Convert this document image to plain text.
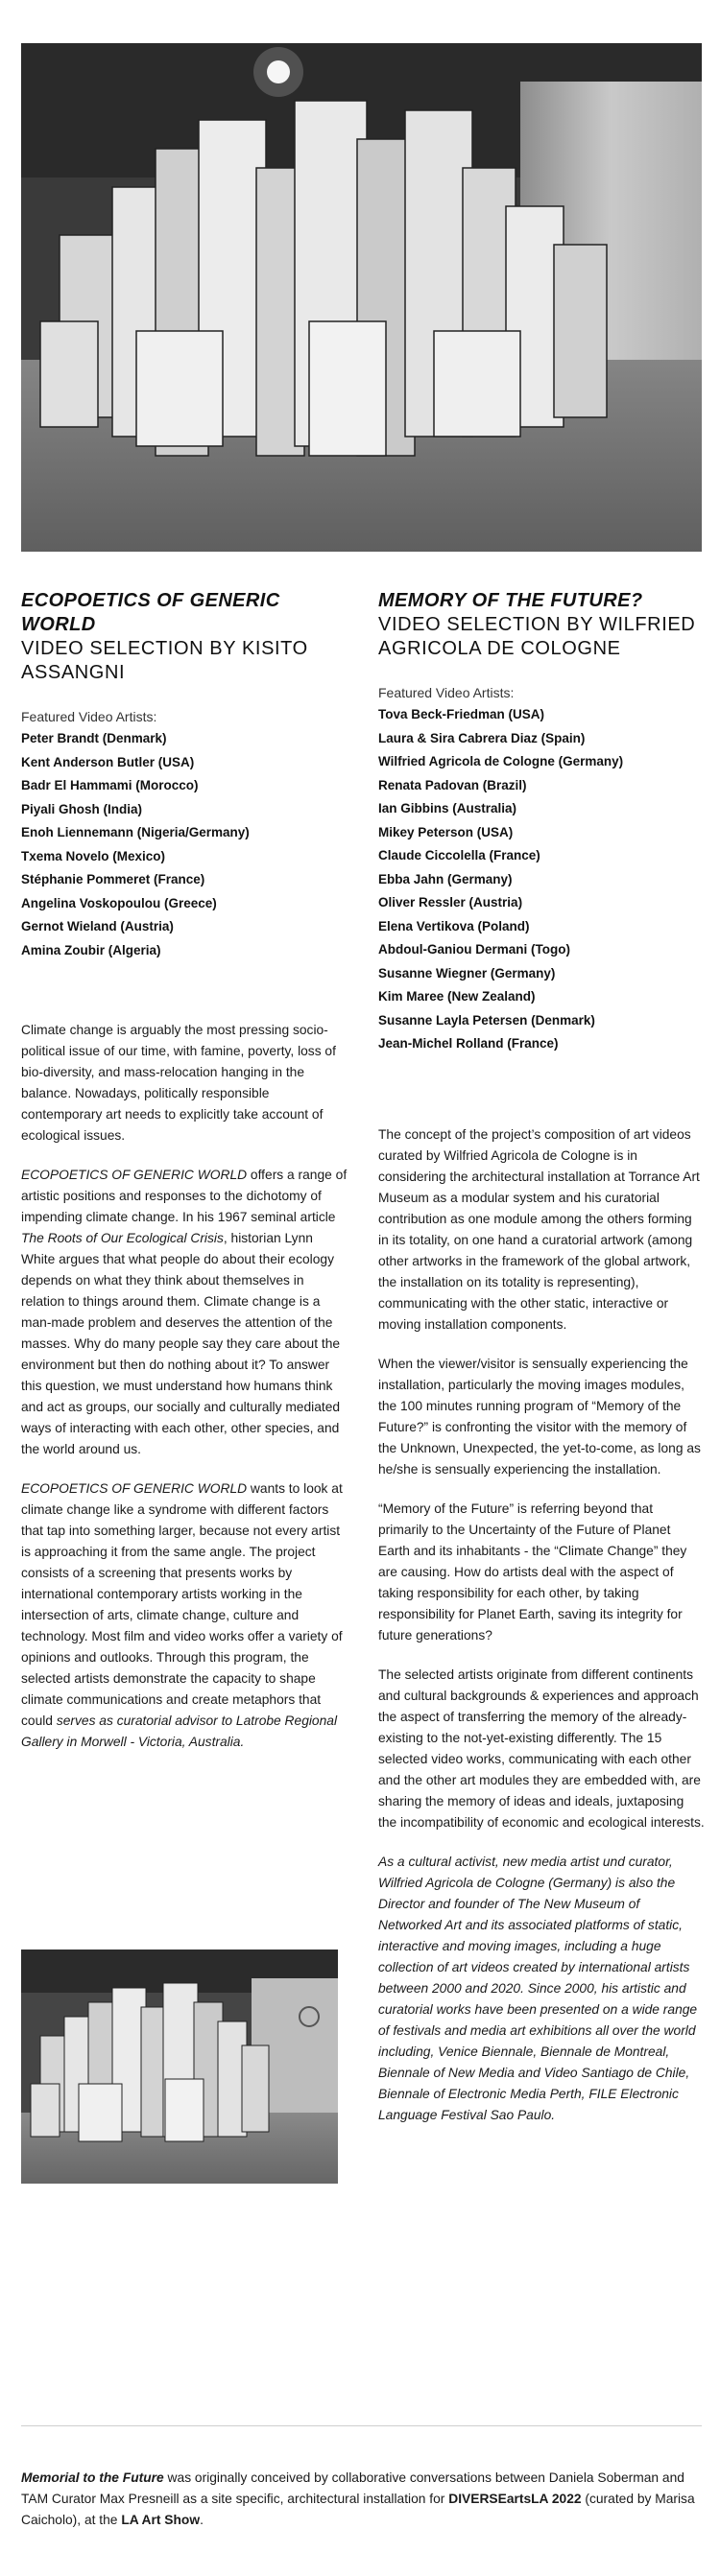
ECOPOETICS OF GENERIC WORLD
VIDEO SELECTION BY KISITO ASSANGNI
Featured Video Artists:
Peter Brandt (Denmark)
Kent Anderson Butler (USA)
Badr El Hammami (Morocco)
Piyali Ghosh (India)
Enoh Liennemann (Nigeria/Germany)
Txema Novelo (Mexico)
Stéphanie Pommeret (France)
Angelina Voskopoulou (Greece)
Gernot Wieland (Austria)
Amina Zoubir (Algeria)
MEMORY OF THE FUTURE?
VIDEO SELECTION BY WILFRIED AGRICOLA DE COLOGNE
Featured Video Artists:
Tova Beck-Friedman (USA)
Laura & Sira Cabrera Diaz (Spain)
Wilfried Agricola de Cologne (Germany)
Renata Padovan (Brazil)
Ian Gibbins (Australia)
Mikey Peterson (USA)
Claude Ciccolella (France)
Ebba Jahn (Germany)
Oliver Ressler (Austria)
Elena Vertikova (Poland)
Abdoul-Ganiou Dermani (Togo)
Susanne Wiegner (Germany)
Kim Maree (New Zealand)
Susanne Layla Petersen (Denmark)
Jean-Michel Rolland (France)

Climate change is arguably the most pressing socio-political issue of our time, with famine, poverty, loss of bio-diversity, and mass-relocation hanging in the balance. Nowadays, politically responsible contemporary art needs to explicitly take account of ecological issues.

ECOPOETICS OF GENERIC WORLD offers a range of artistic positions and responses to the dichotomy of impending climate change. In his 1967 seminal article The Roots of Our Ecological Crisis, historian Lynn White argues that what people do about their ecology depends on what they think about themselves in relation to things around them. Climate change is a man-made problem and deserves the attention of the masses. Why do many people say they care about the environment but then do nothing about it? To answer this question, we must understand how humans think and act as groups, our socially and culturally mediated ways of interacting with each other, other species, and the world around us.

ECOPOETICS OF GENERIC WORLD wants to look at climate change like a syndrome with different factors that tap into something larger, because not every artist is approaching it from the same angle. The project consists of a screening that presents works by international contemporary artists working in the intersection of arts, climate change, culture and technology. Most film and video works offer a variety of opinions and outlooks. Through this program, the selected artists demonstrate the capacity to shape climate communications and create metaphors that could serves as curatorial advisor to Latrobe Regional Gallery in Morwell - Victoria, Australia.

The concept of the project’s composition of art videos curated by Wilfried Agricola de Cologne is in considering the architectural installation at Torrance Art Museum as a modular system and his curatorial contribution as one module among the others forming in its totality, on one hand a curatorial artwork (among other artworks in the framework of the global artwork, the installation on its totality is representing), communicating with the other static, interactive or moving installation components.

When the viewer/visitor is sensually experiencing the installation, particularly the moving images modules, the 100 minutes running program of “Memory of the Future?” is confronting the visitor with the memory of the Unknown, Unexpected, the yet-to-come, as long as he/she is sensually experiencing the installation.

“Memory of the Future” is referring beyond that primarily to the Uncertainty of the Future of Planet Earth and its inhabitants - the “Climate Change” they are causing. How do artists deal with the aspect of taking responsibility for each other, by taking responsibility for Planet Earth, saving its integrity for future generations?

The selected artists originate from different continents and cultural backgrounds & experiences and approach the aspect of transferring the memory of the already-existing to the not-yet-existing differently. The 15 selected video works, communicating with each other and the other art modules they are embedded with, are sharing the memory of ideas and ideals, juxtaposing the incompatibility of economic and ecological interests.

As a cultural activist, new media artist und curator, Wilfried Agricola de Cologne (Germany) is also the Director and founder of The New Museum of Networked Art and its associated platforms of static, interactive and moving images, including a huge collection of art videos created by international artists between 2000 and 2020. Since 2000, his artistic and curatorial works have been presented on a wide range of festivals and media art exhibitions all over the world including, Venice Biennale, Biennale de Montreal, Biennale of New Media and Video Santiago de Chile, Biennale of Electronic Media Perth, FILE Electronic Language Festival Sao Paulo.

Memorial to the Future was originally conceived by collaborative conversations between Daniela Soberman and TAM Curator Max Presneill as a site specific, architectural installation for DIVERSEartsLA 2022 (curated by Marisa Caicholo), at the LA Art Show.
